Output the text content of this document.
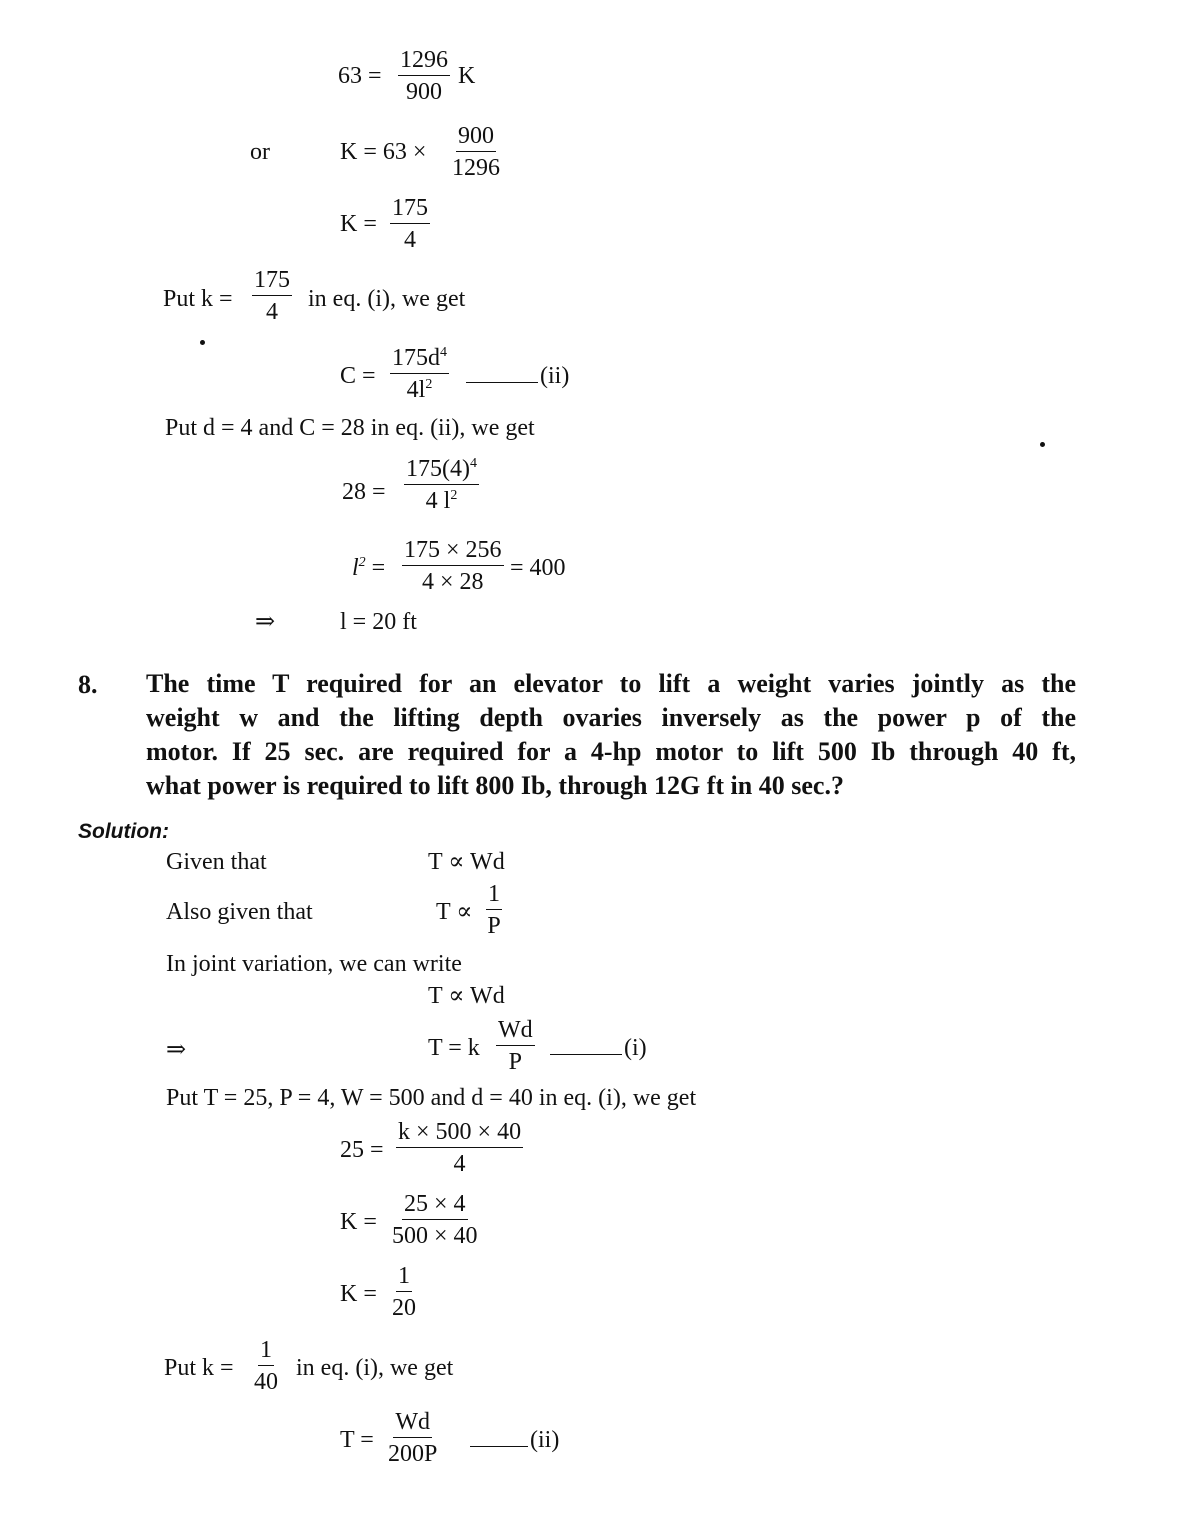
$63 = \frac{1296}{900}$ K
or	$K = 63 \times \frac{900}{1296}$
$K = \frac{175}{4}$
Put $k = \frac{175}{4}$ in eq. (i), we get
$C = \frac{175d^4}{4l^2}$	(ii)
Put d = 4 and C = 28 in eq. (ii), we get
$28 = \frac{175(4)^4}{4 l^2}$
$l^2 = \frac{175 \times 256}{4 \times 28} = 400$
⇒	l = 20 ft
8. The time T required for an elevator to lift a weight varies jointly as the
weight w and the lifting depth ovaries inversely as the power p of the
motor. If 25 sec. are required for a 4-hp motor to lift 500 Ib through 40 ft,
what power is required to lift 800 Ib, through 12G ft in 40 sec.?
Solution:
Given that	T ∝ Wd
Also given that	$T \propto \frac{1}{P}$
In joint variation, we can write
T ∝ Wd
⇒	T = k $\frac{Wd}{P}$	(i)
Put T = 25, P = 4, W = 500 and d = 40 in eq. (i), we get
$25 = \frac{k \times 500 \times 40}{4}$
$K = \frac{25 \times 4}{500 \times 40}$
$K = \frac{1}{20}$
Put $k = \frac{1}{40}$ in eq. (i), we get
$T = \frac{Wd}{200P}$	(ii)
